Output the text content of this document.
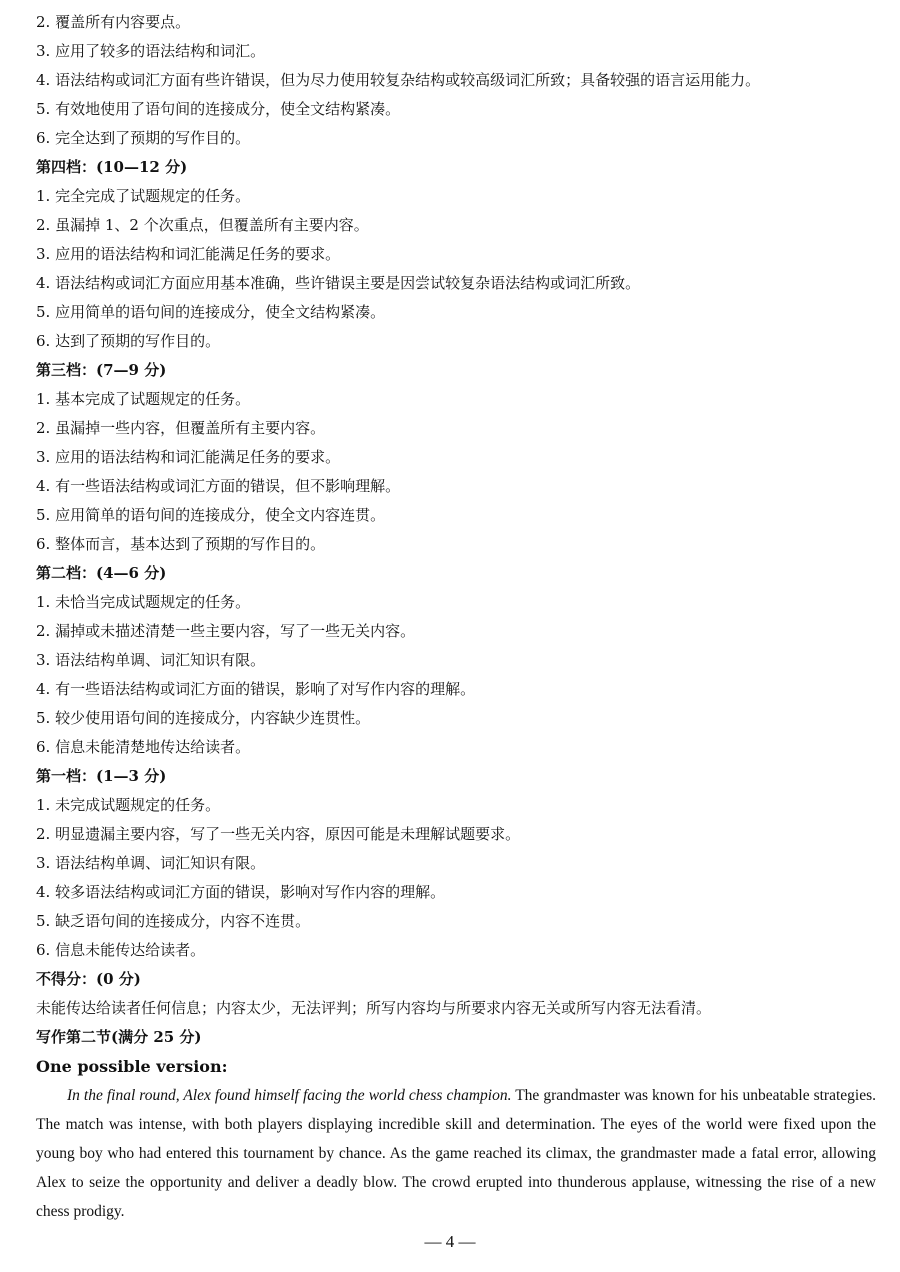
2. 覆盖所有内容要点。
3. 应用了较多的语法结构和词汇。
4. 语法结构或词汇方面有些许错误，但为尽力使用较复杂结构或较高级词汇所致；具备较强的语言运用能力。
5. 有效地使用了语句间的连接成分，使全文结构紧凑。
6. 完全达到了预期的写作目的。
第四档：(10—12 分)
1. 完全完成了试题规定的任务。
2. 虽漏掉 1、2 个次重点，但覆盖所有主要内容。
3. 应用的语法结构和词汇能满足任务的要求。
4. 语法结构或词汇方面应用基本准确，些许错误主要是因尝试较复杂语法结构或词汇所致。
5. 应用简单的语句间的连接成分，使全文结构紧凑。
6. 达到了预期的写作目的。
第三档：(7—9 分)
1. 基本完成了试题规定的任务。
2. 虽漏掉一些内容，但覆盖所有主要内容。
3. 应用的语法结构和词汇能满足任务的要求。
4. 有一些语法结构或词汇方面的错误，但不影响理解。
5. 应用简单的语句间的连接成分，使全文内容连贯。
6. 整体而言，基本达到了预期的写作目的。
第二档：(4—6 分)
1. 未恰当完成试题规定的任务。
2. 漏掉或未描述清楚一些主要内容，写了一些无关内容。
3. 语法结构单调、词汇知识有限。
4. 有一些语法结构或词汇方面的错误，影响了对写作内容的理解。
5. 较少使用语句间的连接成分，内容缺少连贯性。
6. 信息未能清楚地传达给读者。
第一档：(1—3 分)
1. 未完成试题规定的任务。
2. 明显遗漏主要内容，写了一些无关内容，原因可能是未理解试题要求。
3. 语法结构单调、词汇知识有限。
4. 较多语法结构或词汇方面的错误，影响对写作内容的理解。
5. 缺乏语句间的连接成分，内容不连贯。
6. 信息未能传达给读者。
不得分：(0 分)
未能传达给读者任何信息；内容太少，无法评判；所写内容均与所要求内容无关或所写内容无法看清。
写作第二节(满分 25 分)
One possible version:
In the final round, Alex found himself facing the world chess champion. The grandmaster was known for his unbeatable strategies. The match was intense, with both players displaying incredible skill and determination. The eyes of the world were fixed upon the young boy who had entered this tournament by chance. As the game reached its climax, the grandmaster made a fatal error, allowing Alex to seize the opportunity and deliver a deadly blow. The crowd erupted into thunderous applause, witnessing the rise of a new chess prodigy.
— 4 —
